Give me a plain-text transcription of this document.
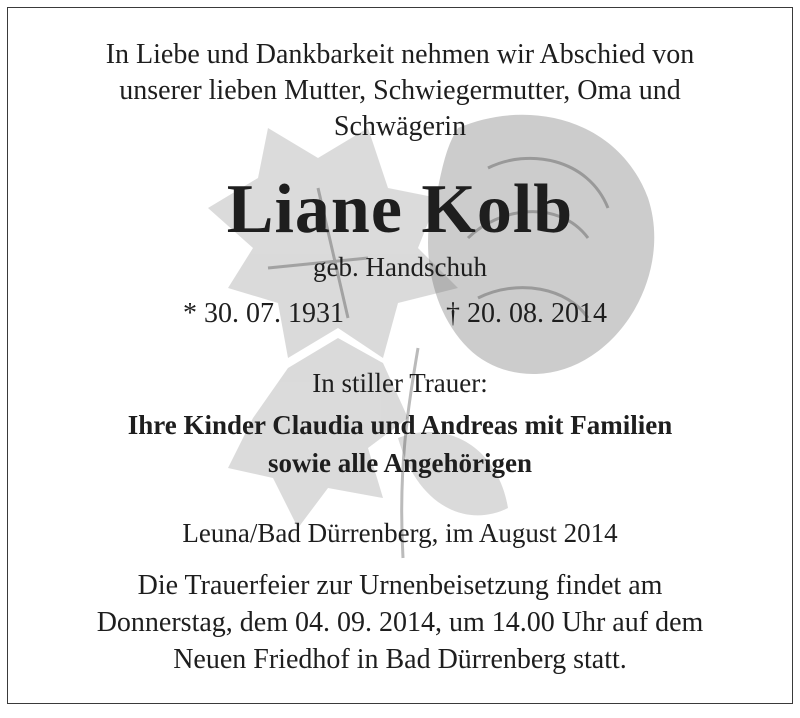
In Liebe und Dankbarkeit nehmen wir Abschied von
unserer lieben Mutter, Schwiegermutter, Oma und
Schwägerin
Liane Kolb
geb. Handschuh
* 30. 07. 1931	† 20. 08. 2014
In stiller Trauer:
Ihre Kinder Claudia und Andreas mit Familien
sowie alle Angehörigen
Leuna/Bad Dürrenberg, im August 2014
Die Trauerfeier zur Urnenbeisetzung findet am
Donnerstag, dem 04. 09. 2014, um 14.00 Uhr auf dem
Neuen Friedhof in Bad Dürrenberg statt.
